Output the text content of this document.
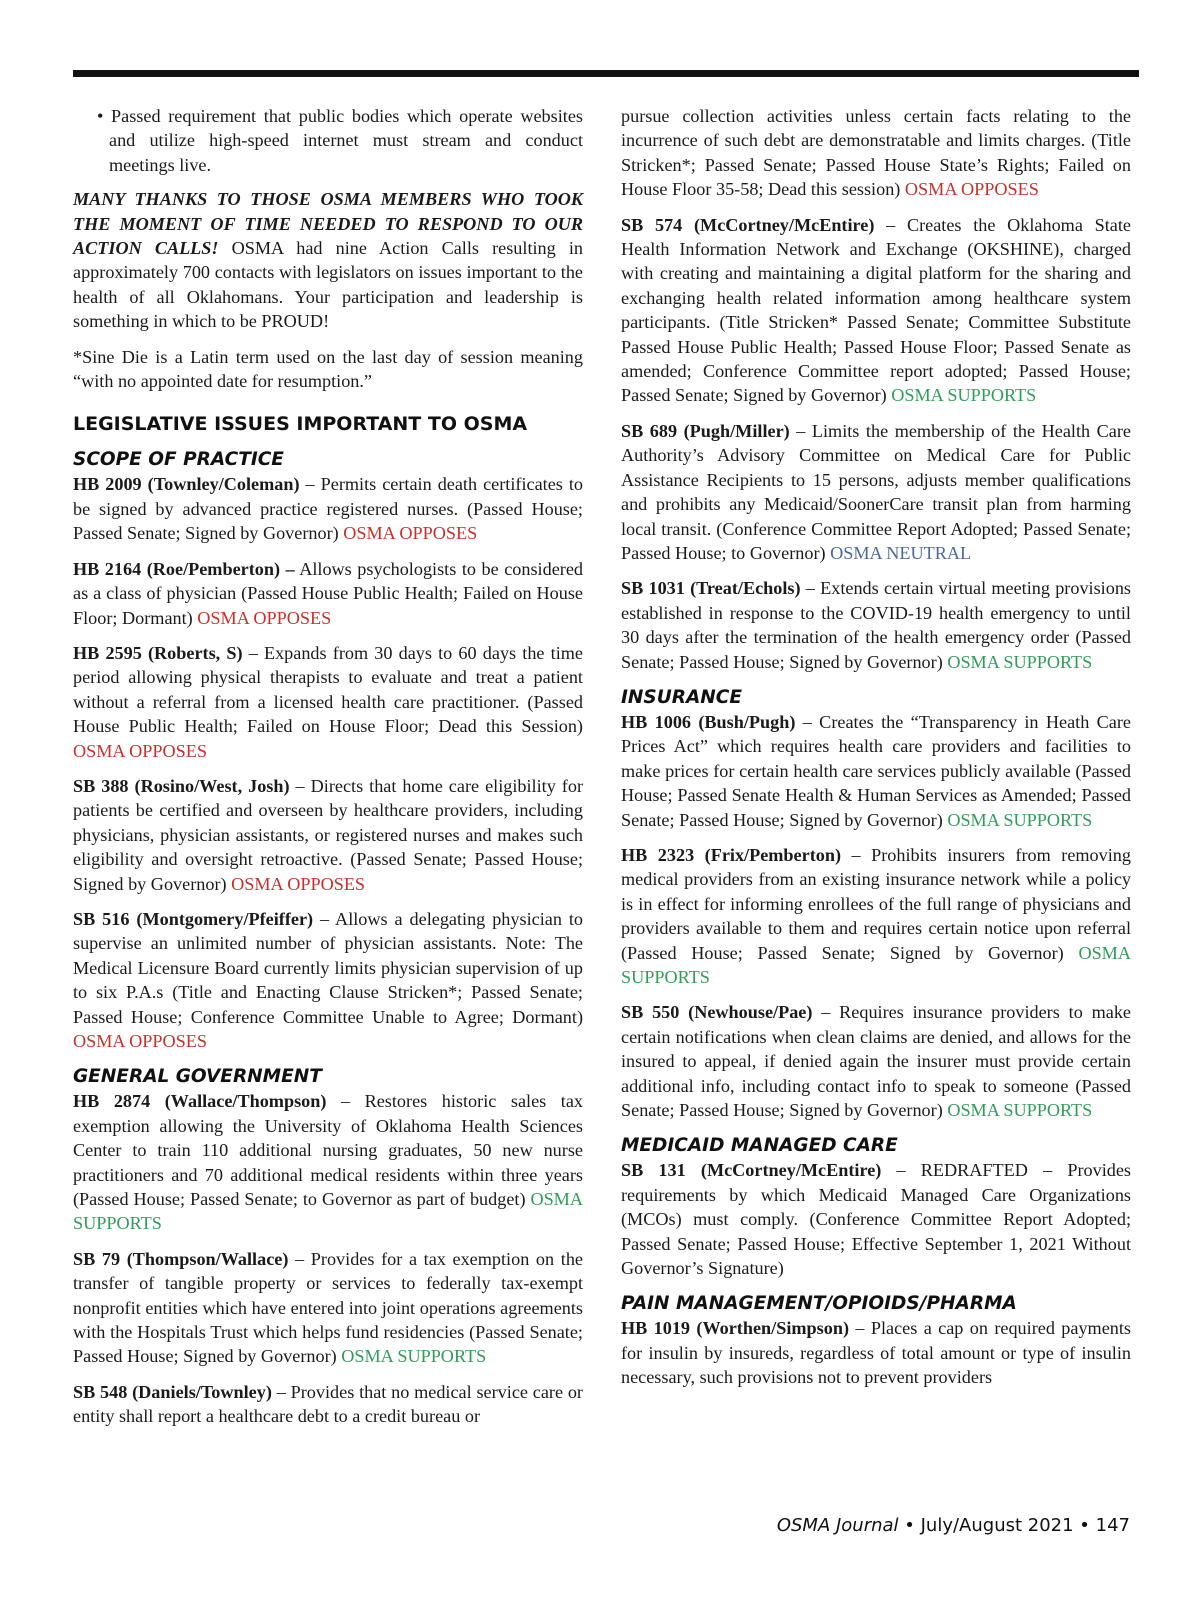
• Passed requirement that public bodies which operate websites and utilize high-speed internet must stream and conduct meetings live.

MANY THANKS TO THOSE OSMA MEMBERS WHO TOOK THE MOMENT OF TIME NEEDED TO RESPOND TO OUR ACTION CALLS! OSMA had nine Action Calls resulting in approximately 700 contacts with legislators on issues important to the health of all Oklahomans. Your participation and leadership is something in which to be PROUD!

*Sine Die is a Latin term used on the last day of session meaning “with no appointed date for resumption.”

LEGISLATIVE ISSUES IMPORTANT TO OSMA
SCOPE OF PRACTICE

HB 2009 (Townley/Coleman) – Permits certain death certificates to be signed by advanced practice registered nurses. (Passed House; Passed Senate; Signed by Governor) OSMA OPPOSES

HB 2164 (Roe/Pemberton) – Allows psychologists to be considered as a class of physician (Passed House Public Health; Failed on House Floor; Dormant) OSMA OPPOSES

HB 2595 (Roberts, S) – Expands from 30 days to 60 days the time period allowing physical therapists to evaluate and treat a patient without a referral from a licensed health care practitioner. (Passed House Public Health; Failed on House Floor; Dead this Session) OSMA OPPOSES

SB 388 (Rosino/West, Josh) – Directs that home care eligibility for patients be certified and overseen by healthcare providers, including physicians, physician assistants, or registered nurses and makes such eligibility and oversight retroactive. (Passed Senate; Passed House; Signed by Governor) OSMA OPPOSES

SB 516 (Montgomery/Pfeiffer) – Allows a delegating physician to supervise an unlimited number of physician assistants. Note: The Medical Licensure Board currently limits physician supervision of up to six P.A.s (Title and Enacting Clause Stricken*; Passed Senate; Passed House; Conference Committee Unable to Agree; Dormant) OSMA OPPOSES

GENERAL GOVERNMENT

HB 2874 (Wallace/Thompson) – Restores historic sales tax exemption allowing the University of Oklahoma Health Sciences Center to train 110 additional nursing graduates, 50 new nurse practitioners and 70 additional medical residents within three years (Passed House; Passed Senate; to Governor as part of budget) OSMA SUPPORTS

SB 79 (Thompson/Wallace) – Provides for a tax exemption on the transfer of tangible property or services to federally tax-exempt nonprofit entities which have entered into joint operations agreements with the Hospitals Trust which helps fund residencies (Passed Senate; Passed House; Signed by Governor) OSMA SUPPORTS

SB 548 (Daniels/Townley) – Provides that no medical service care or entity shall report a healthcare debt to a credit bureau or

pursue collection activities unless certain facts relating to the incurrence of such debt are demonstratable and limits charges. (Title Stricken*; Passed Senate; Passed House State’s Rights; Failed on House Floor 35-58; Dead this session) OSMA OPPOSES

SB 574 (McCortney/McEntire) – Creates the Oklahoma State Health Information Network and Exchange (OKSHINE), charged with creating and maintaining a digital platform for the sharing and exchanging health related information among healthcare system participants. (Title Stricken* Passed Senate; Committee Substitute Passed House Public Health; Passed House Floor; Passed Senate as amended; Conference Committee report adopted; Passed House; Passed Senate; Signed by Governor) OSMA SUPPORTS

SB 689 (Pugh/Miller) – Limits the membership of the Health Care Authority’s Advisory Committee on Medical Care for Public Assistance Recipients to 15 persons, adjusts member qualifications and prohibits any Medicaid/SoonerCare transit plan from harming local transit. (Conference Committee Report Adopted; Passed Senate; Passed House; to Governor) OSMA NEUTRAL

SB 1031 (Treat/Echols) – Extends certain virtual meeting provisions established in response to the COVID-19 health emergency to until 30 days after the termination of the health emergency order (Passed Senate; Passed House; Signed by Governor) OSMA SUPPORTS

INSURANCE

HB 1006 (Bush/Pugh) – Creates the “Transparency in Heath Care Prices Act” which requires health care providers and facilities to make prices for certain health care services publicly available (Passed House; Passed Senate Health & Human Services as Amended; Passed Senate; Passed House; Signed by Governor) OSMA SUPPORTS

HB 2323 (Frix/Pemberton) – Prohibits insurers from removing medical providers from an existing insurance network while a policy is in effect for informing enrollees of the full range of physicians and providers available to them and requires certain notice upon referral (Passed House; Passed Senate; Signed by Governor) OSMA SUPPORTS

SB 550 (Newhouse/Pae) – Requires insurance providers to make certain notifications when clean claims are denied, and allows for the insured to appeal, if denied again the insurer must provide certain additional info, including contact info to speak to someone (Passed Senate; Passed House; Signed by Governor) OSMA SUPPORTS

MEDICAID MANAGED CARE

SB 131 (McCortney/McEntire) – REDRAFTED – Provides requirements by which Medicaid Managed Care Organizations (MCOs) must comply. (Conference Committee Report Adopted; Passed Senate; Passed House; Effective September 1, 2021 Without Governor’s Signature)

PAIN MANAGEMENT/OPIOIDS/PHARMA

HB 1019 (Worthen/Simpson) – Places a cap on required payments for insulin by insureds, regardless of total amount or type of insulin necessary, such provisions not to prevent providers

OSMA Journal • July/August 2021 • 147
